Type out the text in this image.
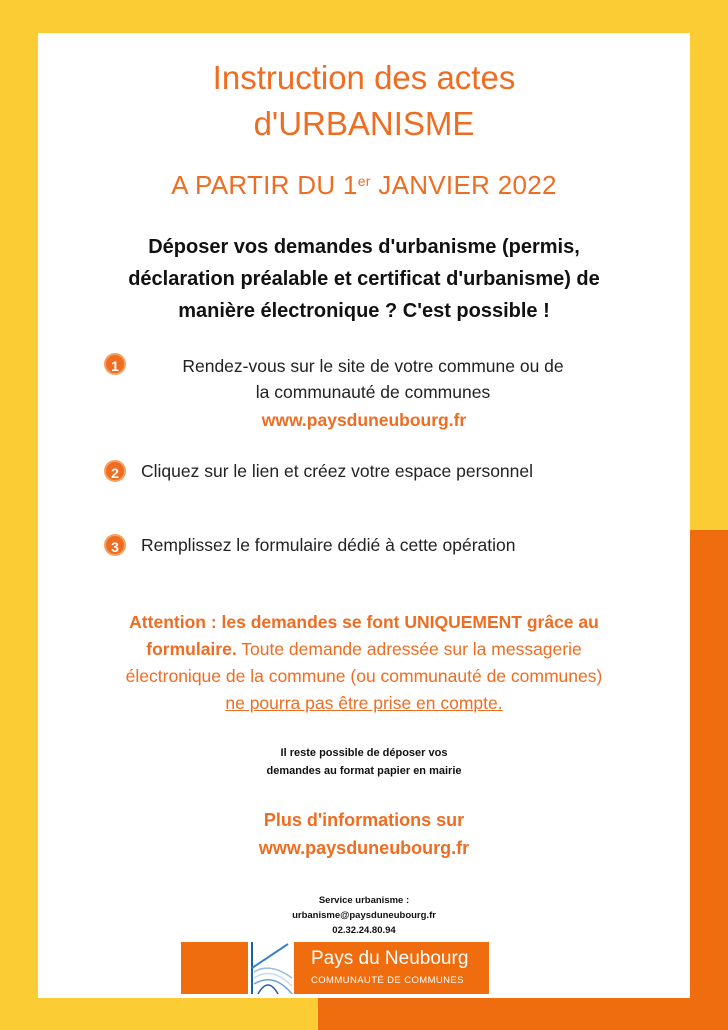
Instruction des actes
d'URBANISME
A PARTIR DU 1er JANVIER 2022
Déposer vos demandes d'urbanisme (permis,
déclaration préalable et certificat d'urbanisme) de
manière électronique ? C'est possible !
1	Rendez-vous sur le site de votre commune ou de
la communauté de communes
www.paysduneubourg.fr
2	Cliquez sur le lien et créez votre espace personnel
3	Remplissez le formulaire dédié à cette opération
Attention : les demandes se font UNIQUEMENT grâce au
formulaire. Toute demande adressée sur la messagerie
électronique de la commune (ou communauté de communes)
ne pourra pas être prise en compte.
Il reste possible de déposer vos
demandes au format papier en mairie
Plus d'informations sur
www.paysduneubourg.fr
Service urbanisme :
urbanisme@paysduneubourg.fr
02.32.24.80.94
Pays du Neubourg
COMMUNAUTÉ DE COMMUNES
